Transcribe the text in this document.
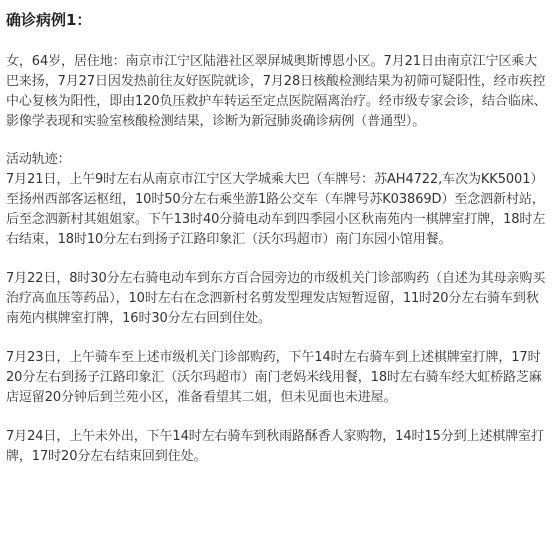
确诊病例1：

女，64岁，居住地：南京市江宁区陆港社区翠屏城奥斯博恩小区。7月21日由南京江宁区乘大巴来扬，7月27日因发热前往友好医院就诊，7月28日核酸检测结果为初筛可疑阳性，经市疾控中心复核为阳性，即由120负压救护车转运至定点医院隔离治疗。经市级专家会诊，结合临床、影像学表现和实验室核酸检测结果，诊断为新冠肺炎确诊病例（普通型）。

活动轨迹：

7月21日，上午9时左右从南京市江宁区大学城乘大巴（车牌号：苏AH4722,车次为KK5001）至扬州西部客运枢纽，10时50分左右乘坐游1路公交车（车牌号苏K03869D）至念泗新村站，后至念泗新村其姐姐家。下午13时40分骑电动车到四季园小区秋南苑内一棋牌室打牌，18时左右结束，18时10分左右到扬子江路印象汇（沃尔玛超市）南门东园小馆用餐。

7月22日，8时30分左右骑电动车到东方百合园旁边的市级机关门诊部购药（自述为其母亲购买治疗高血压等药品），10时左右在念泗新村名剪发型理发店短暂逗留，11时20分左右骑车到秋南苑内棋牌室打牌，16时30分左右回到住处。

7月23日，上午骑车至上述市级机关门诊部购药，下午14时左右骑车到上述棋牌室打牌，17时20分左右到扬子江路印象汇（沃尔玛超市）南门老妈米线用餐，18时左右骑车经大虹桥路芝麻店逗留20分钟后到兰苑小区，准备看望其二姐，但未见面也未进屋。

7月24日，上午未外出，下午14时左右骑车到秋雨路酥香人家购物，14时15分到上述棋牌室打牌，17时20分左右结束回到住处。
